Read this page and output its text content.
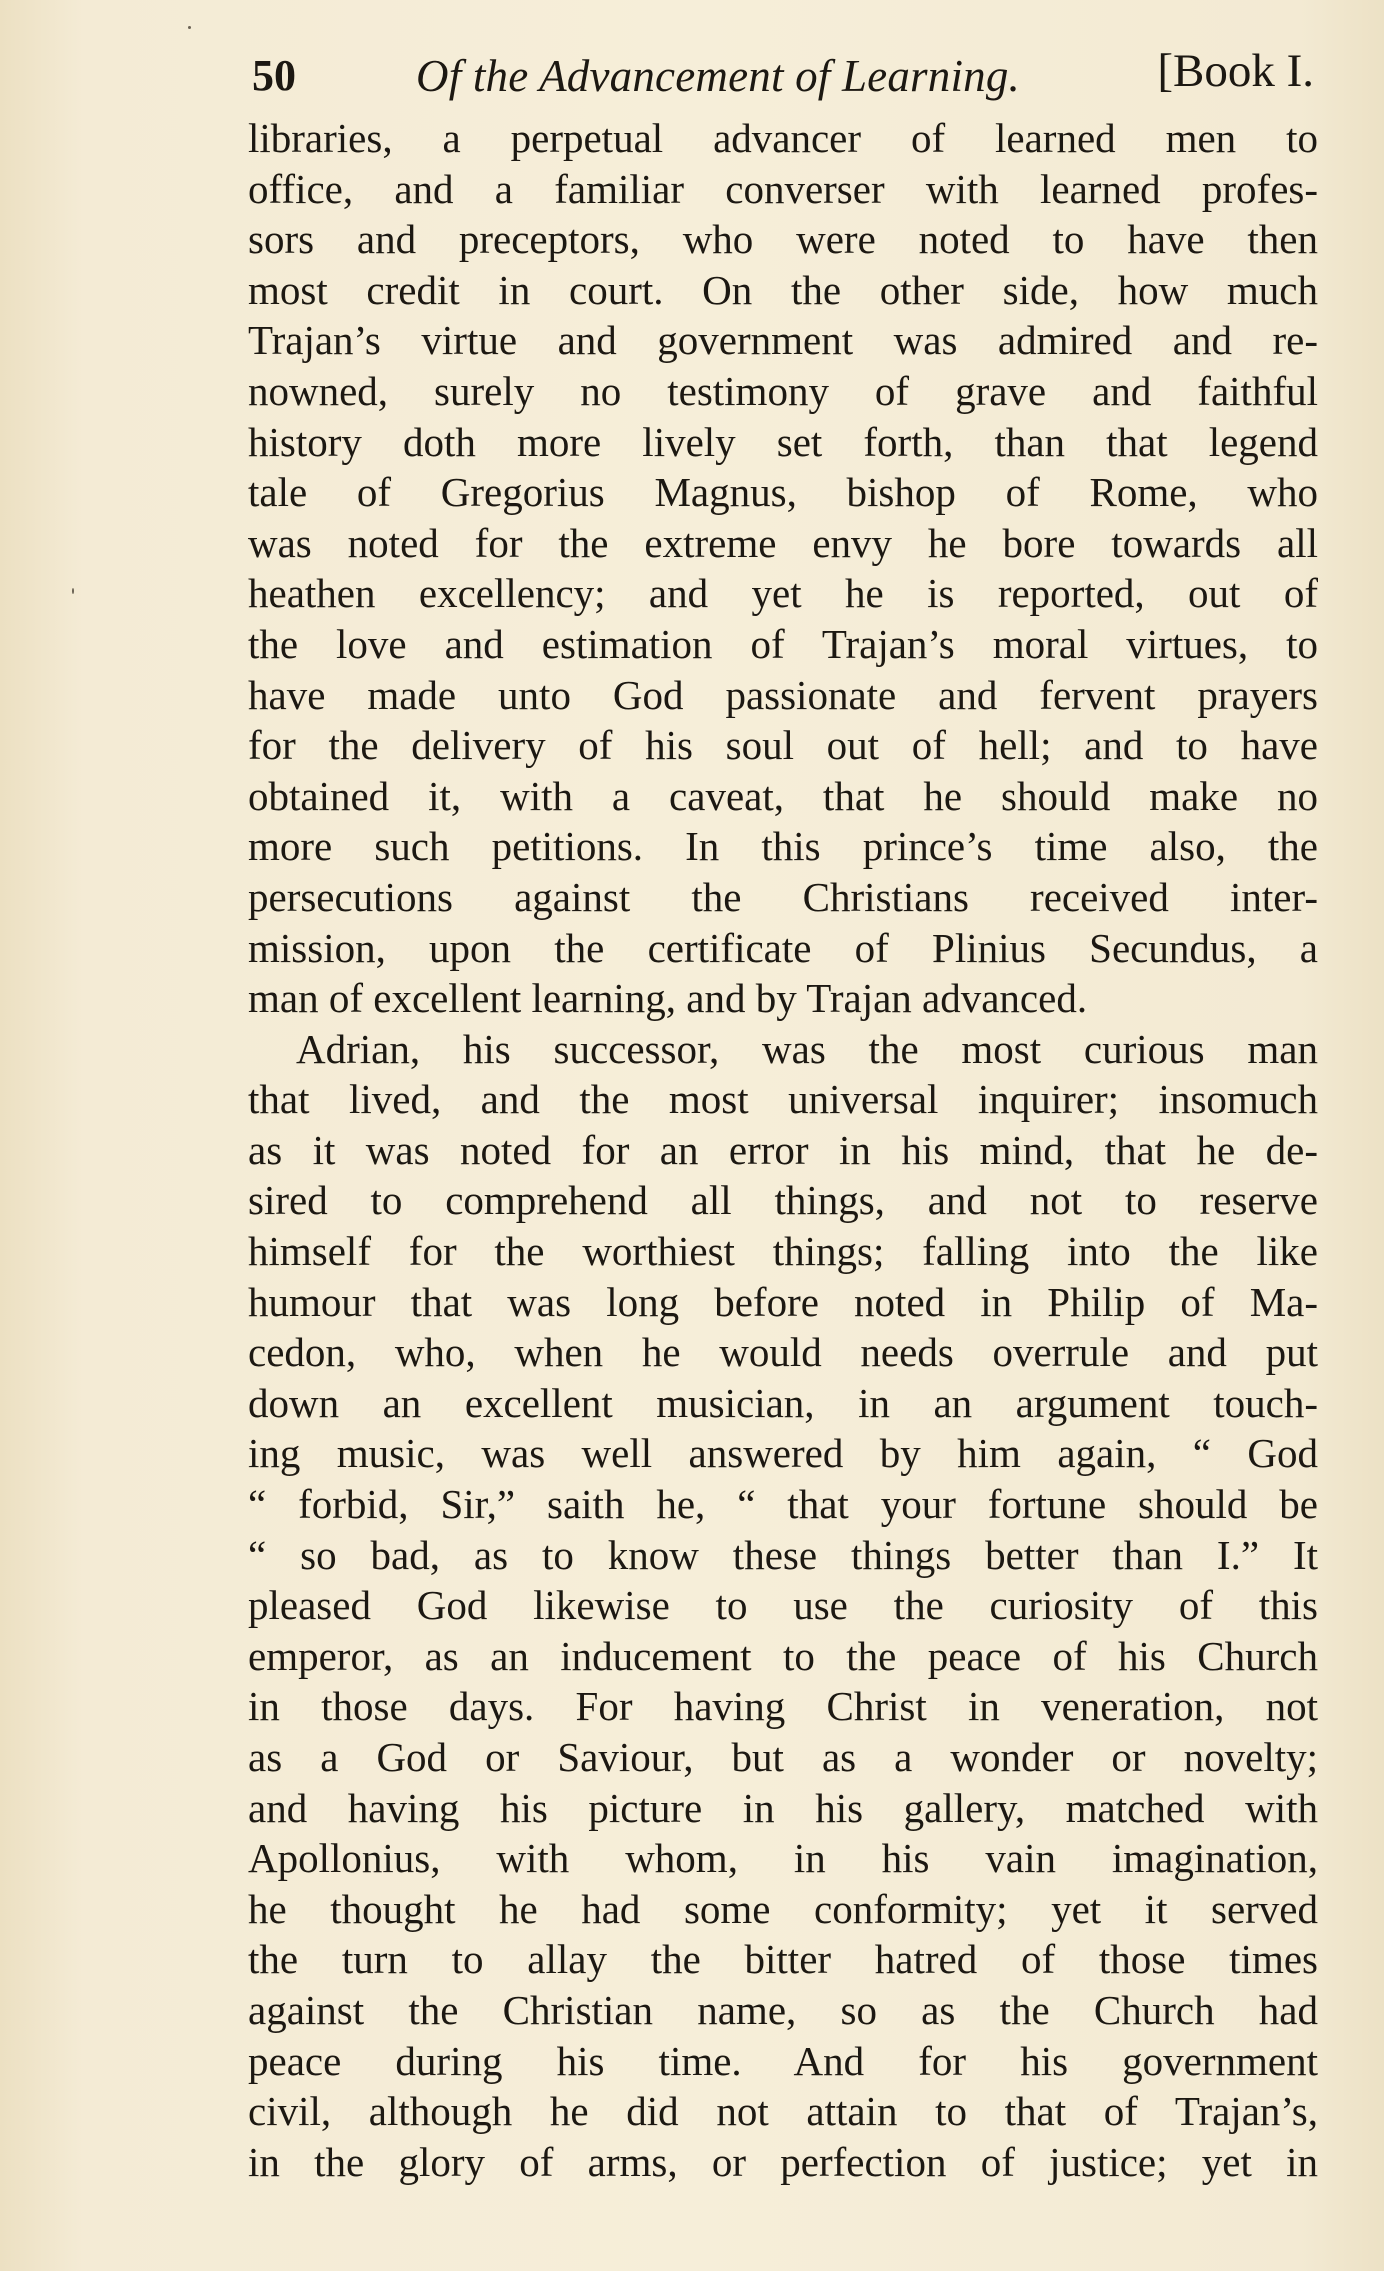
50	Of the Advancement of Learning.	[Book I.
libraries, a perpetual advancer of learned men to
office, and a familiar converser with learned profes-
sors and preceptors, who were noted to have then
most credit in court. On the other side, how much
Trajan’s virtue and government was admired and re-
nowned, surely no testimony of grave and faithful
history doth more lively set forth, than that legend
tale of Gregorius Magnus, bishop of Rome, who
was noted for the extreme envy he bore towards all
heathen excellency; and yet he is reported, out of
the love and estimation of Trajan’s moral virtues, to
have made unto God passionate and fervent prayers
for the delivery of his soul out of hell; and to have
obtained it, with a caveat, that he should make no
more such petitions. In this prince’s time also, the
persecutions against the Christians received inter-
mission, upon the certificate of Plinius Secundus, a
man of excellent learning, and by Trajan advanced.
Adrian, his successor, was the most curious man
that lived, and the most universal inquirer; insomuch
as it was noted for an error in his mind, that he de-
sired to comprehend all things, and not to reserve
himself for the worthiest things; falling into the like
humour that was long before noted in Philip of Ma-
cedon, who, when he would needs overrule and put
down an excellent musician, in an argument touch-
ing music, was well answered by him again, “ God
“ forbid, Sir,” saith he, “ that your fortune should be
“ so bad, as to know these things better than I.” It
pleased God likewise to use the curiosity of this
emperor, as an inducement to the peace of his Church
in those days. For having Christ in veneration, not
as a God or Saviour, but as a wonder or novelty;
and having his picture in his gallery, matched with
Apollonius, with whom, in his vain imagination,
he thought he had some conformity; yet it served
the turn to allay the bitter hatred of those times
against the Christian name, so as the Church had
peace during his time. And for his government
civil, although he did not attain to that of Trajan’s,
in the glory of arms, or perfection of justice; yet in
